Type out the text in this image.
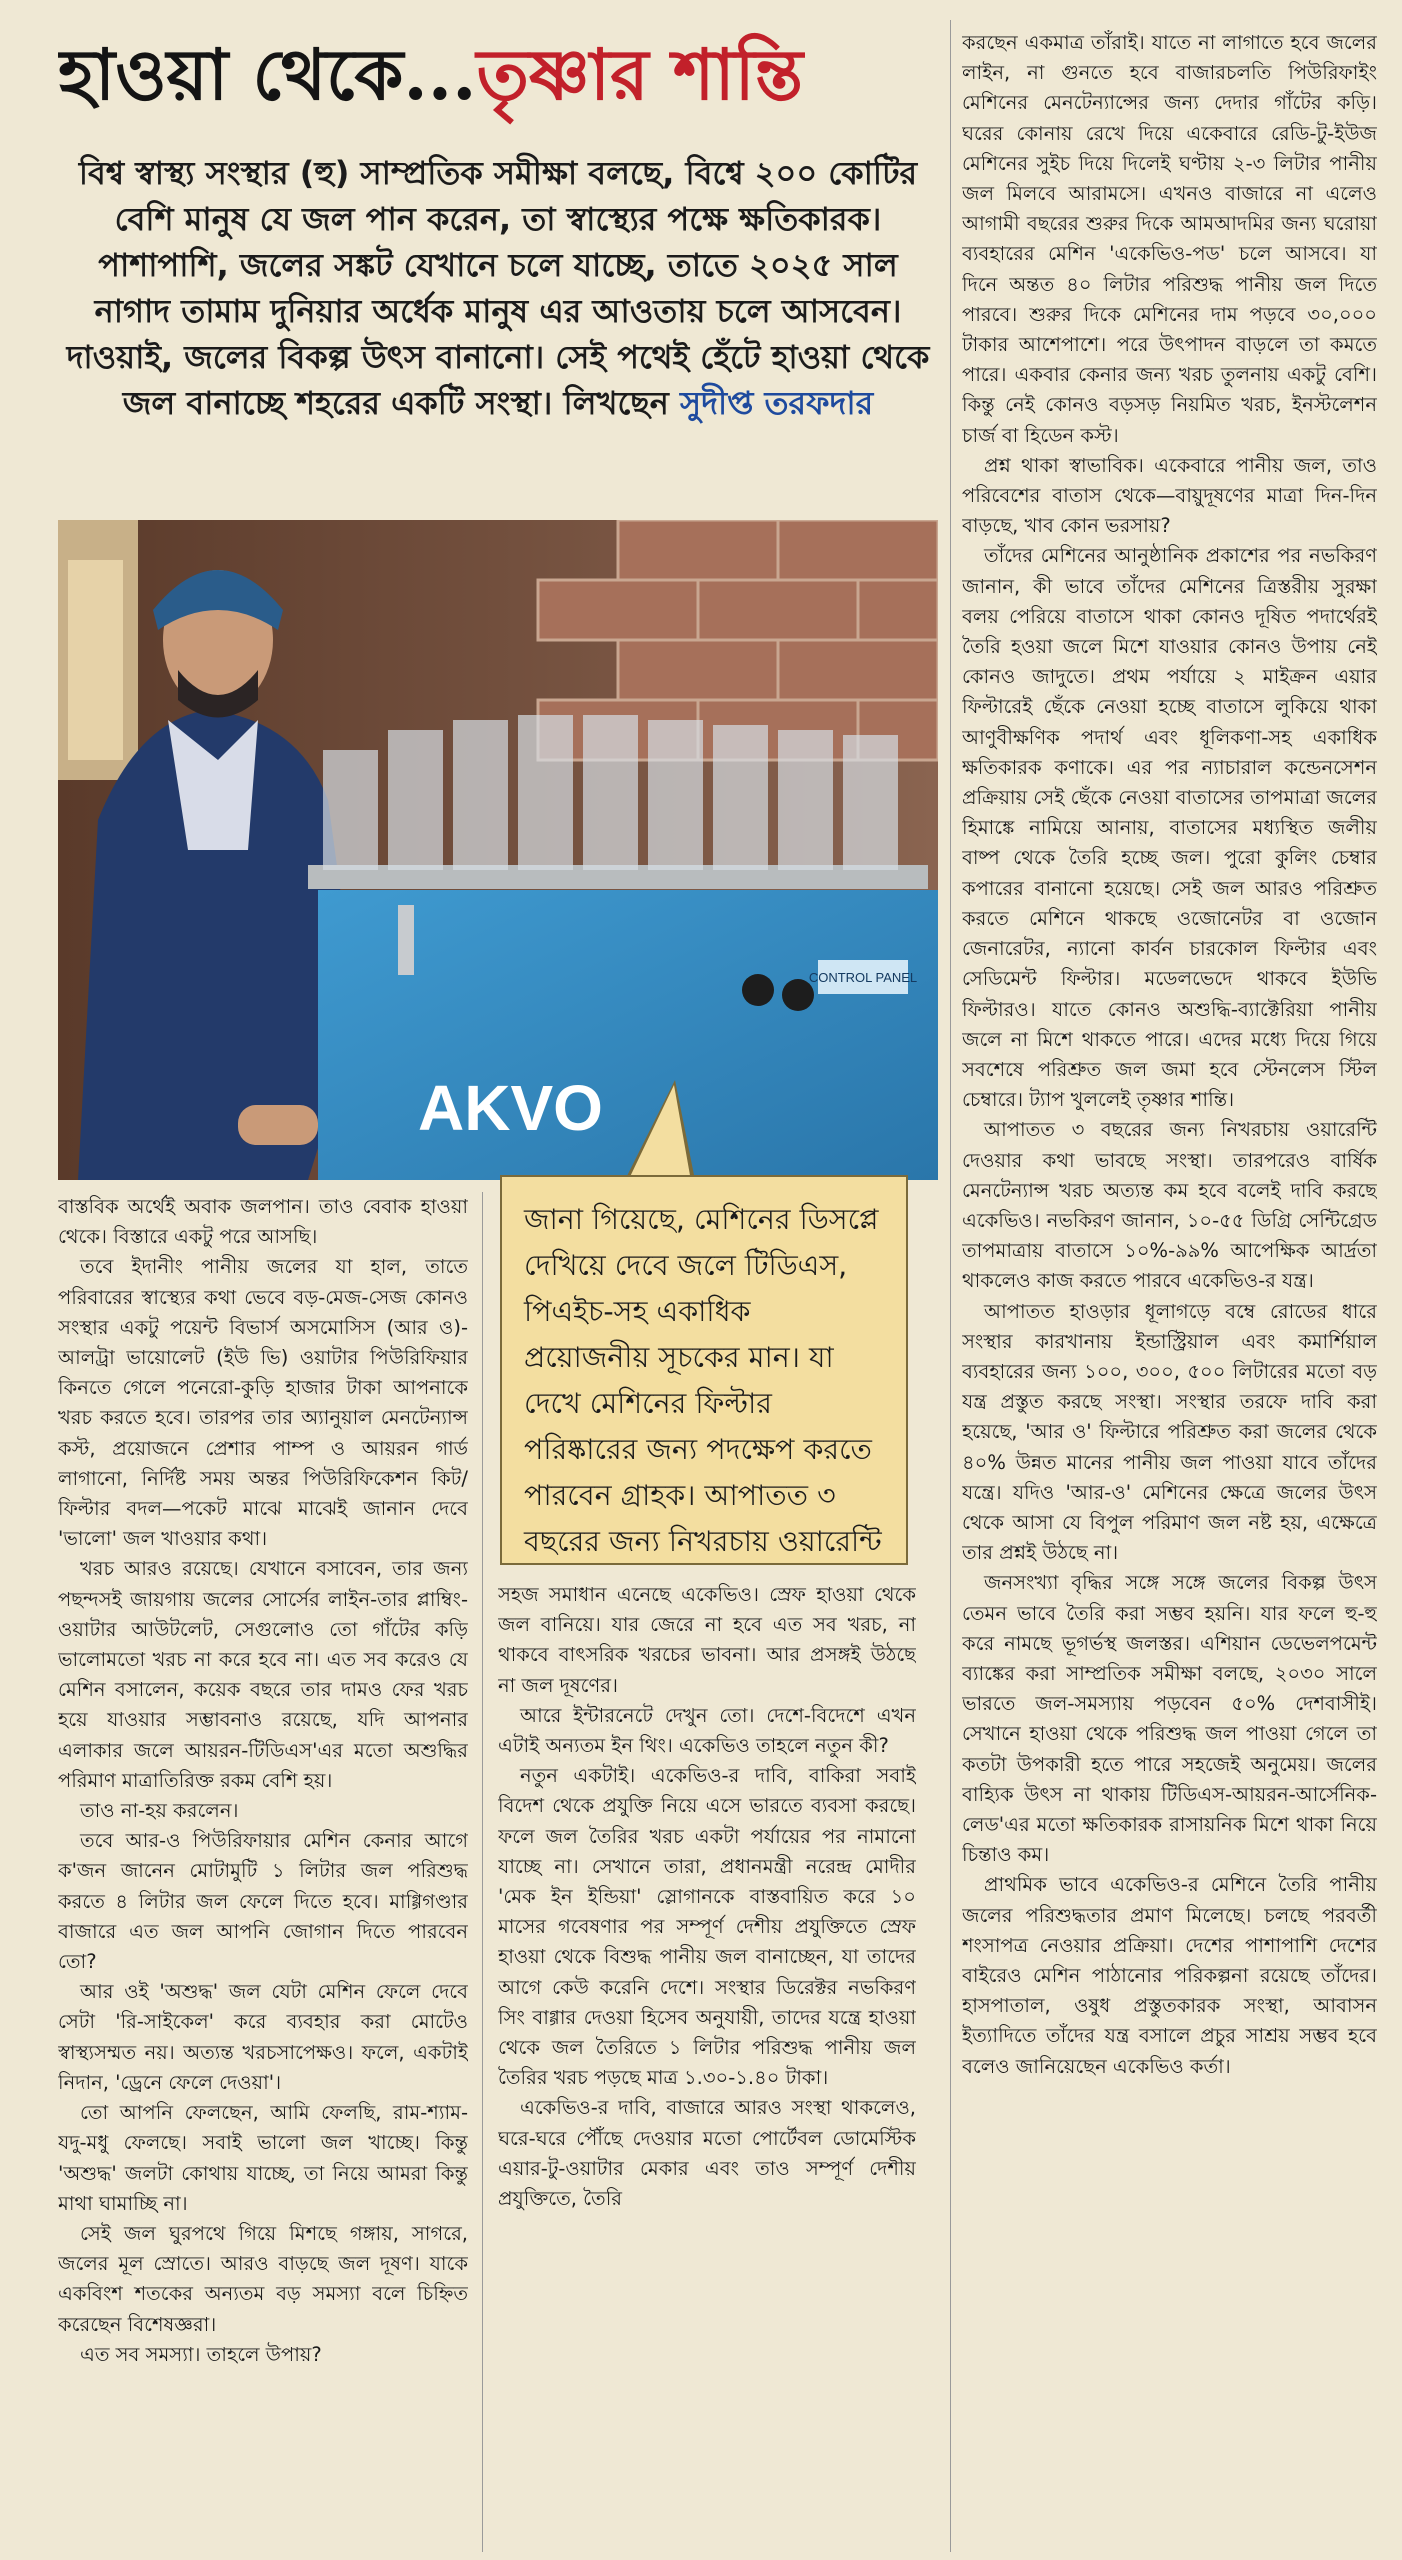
হাওয়া থেকে...তৃষ্ণার শান্তি
বিশ্ব স্বাস্থ্য সংস্থার (হু) সাম্প্রতিক সমীক্ষা বলছে, বিশ্বে ২০০ কোটির বেশি মানুষ যে জল পান করেন, তা স্বাস্থ্যের পক্ষে ক্ষতিকারক। পাশাপাশি, জলের সঙ্কট যেখানে চলে যাচ্ছে, তাতে ২০২৫ সাল নাগাদ তামাম দুনিয়ার অর্ধেক মানুষ এর আওতায় চলে আসবেন। দাওয়াই, জলের বিকল্প উৎস বানানো। সেই পথেই হেঁটে হাওয়া থেকে জল বানাচ্ছে শহরের একটি সংস্থা। লিখছেন সুদীপ্ত তরফদার
CONTROL PANEL
AKVO

বাস্তবিক অর্থেই অবাক জলপান। তাও বেবাক হাওয়া থেকে। বিস্তারে একটু পরে আসছি।

তবে ইদানীং পানীয় জলের যা হাল, তাতে পরিবারের স্বাস্থ্যের কথা ভেবে বড়-মেজ-সেজ কোনও সংস্থার একটু পয়েন্ট বিভার্স অসমোসিস (আর ও)-আলট্রা ভায়োলেট (ইউ ভি) ওয়াটার পিউরিফিয়ার কিনতে গেলে পনেরো-কুড়ি হাজার টাকা আপনাকে খরচ করতে হবে। তারপর তার অ্যানুয়াল মেনটেন্যান্স কস্ট, প্রয়োজনে প্রেশার পাম্প ও আয়রন গার্ড লাগানো, নির্দিষ্ট সময় অন্তর পিউরিফিকেশন কিট/ফিল্টার বদল—পকেট মাঝে মাঝেই জানান দেবে 'ভালো' জল খাওয়ার কথা।

খরচ আরও রয়েছে। যেখানে বসাবেন, তার জন্য পছন্দসই জায়গায় জলের সোর্সের লাইন-তার প্লাম্বিং-ওয়াটার আউটলেট, সেগুলোও তো গাঁটের কড়ি ভালোমতো খরচ না করে হবে না। এত সব করেও যে মেশিন বসালেন, কয়েক বছরে তার দামও ফের খরচ হয়ে যাওয়ার সম্ভাবনাও রয়েছে, যদি আপনার এলাকার জলে আয়রন-টিডিএস'এর মতো অশুদ্ধির পরিমাণ মাত্রাতিরিক্ত রকম বেশি হয়।

তাও না-হয় করলেন।

তবে আর-ও পিউরিফায়ার মেশিন কেনার আগে ক'জন জানেন মোটামুটি ১ লিটার জল পরিশুদ্ধ করতে ৪ লিটার জল ফেলে দিতে হবে। মাগ্গিগণ্ডার বাজারে এত জল আপনি জোগান দিতে পারবেন তো?

আর ওই 'অশুদ্ধ' জল যেটা মেশিন ফেলে দেবে সেটা 'রি-সাইকেল' করে ব্যবহার করা মোটেও স্বাস্থ্যসম্মত নয়। অত্যন্ত খরচসাপেক্ষও। ফলে, একটাই নিদান, 'ড্রেনে ফেলে দেওয়া'।

তো আপনি ফেলছেন, আমি ফেলছি, রাম-শ্যাম-যদু-মধু ফেলছে। সবাই ভালো জল খাচ্ছে। কিন্তু 'অশুদ্ধ' জলটা কোথায় যাচ্ছে, তা নিয়ে আমরা কিন্তু মাথা ঘামাচ্ছি না।

সেই জল ঘুরপথে গিয়ে মিশছে গঙ্গায়, সাগরে, জলের মূল স্রোতে। আরও বাড়ছে জল দূষণ। যাকে একবিংশ শতকের অন্যতম বড় সমস্যা বলে চিহ্নিত করেছেন বিশেষজ্ঞরা।

এত সব সমস্যা। তাহলে উপায়?

জানা গিয়েছে, মেশিনের ডিসপ্লে দেখিয়ে দেবে জলে টিডিএস, পিএইচ-সহ একাধিক প্রয়োজনীয় সূচকের মান। যা দেখে মেশিনের ফিল্টার পরিষ্কারের জন্য পদক্ষেপ করতে পারবেন গ্রাহক। আপাতত ৩ বছরের জন্য নিখরচায় ওয়ারেন্টি

সহজ সমাধান এনেছে একেভিও। স্রেফ হাওয়া থেকে জল বানিয়ে। যার জেরে না হবে এত সব খরচ, না থাকবে বাৎসরিক খরচের ভাবনা। আর প্রসঙ্গই উঠছে না জল দূষণের।

আরে ইন্টারনেটে দেখুন তো। দেশে-বিদেশে এখন এটাই অন্যতম ইন থিং। একেভিও তাহলে নতুন কী?

নতুন একটাই। একেভিও-র দাবি, বাকিরা সবাই বিদেশ থেকে প্রযুক্তি নিয়ে এসে ভারতে ব্যবসা করছে। ফলে জল তৈরির খরচ একটা পর্যায়ের পর নামানো যাচ্ছে না। সেখানে তারা, প্রধানমন্ত্রী নরেন্দ্র মোদীর 'মেক ইন ইন্ডিয়া' স্লোগানকে বাস্তবায়িত করে ১০ মাসের গবেষণার পর সম্পূর্ণ দেশীয় প্রযুক্তিতে স্রেফ হাওয়া থেকে বিশুদ্ধ পানীয় জল বানাচ্ছেন, যা তাদের আগে কেউ করেনি দেশে। সংস্থার ডিরেক্টর নভকিরণ সিং বাগ্গার দেওয়া হিসেব অনুযায়ী, তাদের যন্ত্রে হাওয়া থেকে জল তৈরিতে ১ লিটার পরিশুদ্ধ পানীয় জল তৈরির খরচ পড়ছে মাত্র ১.৩০-১.৪০ টাকা।

একেভিও-র দাবি, বাজারে আরও সংস্থা থাকলেও, ঘরে-ঘরে পৌঁছে দেওয়ার মতো পোর্টেবল ডোমেস্টিক এয়ার-টু-ওয়াটার মেকার এবং তাও সম্পূর্ণ দেশীয় প্রযুক্তিতে, তৈরি

করছেন একমাত্র তাঁরাই। যাতে না লাগাতে হবে জলের লাইন, না গুনতে হবে বাজারচলতি পিউরিফাইং মেশিনের মেনটেন্যান্সের জন্য দেদার গাঁটের কড়ি। ঘরের কোনায় রেখে দিয়ে একেবারে রেডি-টু-ইউজ মেশিনের সুইচ দিয়ে দিলেই ঘণ্টায় ২-৩ লিটার পানীয় জল মিলবে আরামসে। এখনও বাজারে না এলেও আগামী বছরের শুরুর দিকে আমআদমির জন্য ঘরোয়া ব্যবহারের মেশিন 'একেভিও-পড' চলে আসবে। যা দিনে অন্তত ৪০ লিটার পরিশুদ্ধ পানীয় জল দিতে পারবে। শুরুর দিকে মেশিনের দাম পড়বে ৩০,০০০ টাকার আশেপাশে। পরে উৎপাদন বাড়লে তা কমতে পারে। একবার কেনার জন্য খরচ তুলনায় একটু বেশি। কিন্তু নেই কোনও বড়সড় নিয়মিত খরচ, ইনস্টলেশন চার্জ বা হিডেন কস্ট।

প্রশ্ন থাকা স্বাভাবিক। একেবারে পানীয় জল, তাও পরিবেশের বাতাস থেকে—বায়ুদূষণের মাত্রা দিন-দিন বাড়ছে, খাব কোন ভরসায়?

তাঁদের মেশিনের আনুষ্ঠানিক প্রকাশের পর নভকিরণ জানান, কী ভাবে তাঁদের মেশিনের ত্রিস্তরীয় সুরক্ষা বলয় পেরিয়ে বাতাসে থাকা কোনও দূষিত পদার্থেরই তৈরি হওয়া জলে মিশে যাওয়ার কোনও উপায় নেই কোনও জাদুতে। প্রথম পর্যায়ে ২ মাইক্রন এয়ার ফিল্টারেই ছেঁকে নেওয়া হচ্ছে বাতাসে লুকিয়ে থাকা আণুবীক্ষণিক পদার্থ এবং ধূলিকণা-সহ একাধিক ক্ষতিকারক কণাকে। এর পর ন্যাচারাল কন্ডেনসেশন প্রক্রিয়ায় সেই ছেঁকে নেওয়া বাতাসের তাপমাত্রা জলের হিমাঙ্কে নামিয়ে আনায়, বাতাসের মধ্যস্থিত জলীয় বাষ্প থেকে তৈরি হচ্ছে জল। পুরো কুলিং চেম্বার কপারের বানানো হয়েছে। সেই জল আরও পরিশ্রুত করতে মেশিনে থাকছে ওজোনেটর বা ওজোন জেনারেটর, ন্যানো কার্বন চারকোল ফিল্টার এবং সেডিমেন্ট ফিল্টার। মডেলভেদে থাকবে ইউভি ফিল্টারও। যাতে কোনও অশুদ্ধি-ব্যাক্টেরিয়া পানীয় জলে না মিশে থাকতে পারে। এদের মধ্যে দিয়ে গিয়ে সবশেষে পরিশ্রুত জল জমা হবে স্টেনলেস স্টিল চেম্বারে। ট্যাপ খুললেই তৃষ্ণার শান্তি।

আপাতত ৩ বছরের জন্য নিখরচায় ওয়ারেন্টি দেওয়ার কথা ভাবছে সংস্থা। তারপরেও বার্ষিক মেনটেন্যান্স খরচ অত্যন্ত কম হবে বলেই দাবি করছে একেভিও। নভকিরণ জানান, ১০-৫৫ ডিগ্রি সেন্টিগ্রেড তাপমাত্রায় বাতাসে ১০%-৯৯% আপেক্ষিক আর্দ্রতা থাকলেও কাজ করতে পারবে একেভিও-র যন্ত্র।

আপাতত হাওড়ার ধূলাগড়ে বম্বে রোডের ধারে সংস্থার কারখানায় ইন্ডাস্ট্রিয়াল এবং কমার্শিয়াল ব্যবহারের জন্য ১০০, ৩০০, ৫০০ লিটারের মতো বড় যন্ত্র প্রস্তুত করছে সংস্থা। সংস্থার তরফে দাবি করা হয়েছে, 'আর ও' ফিল্টারে পরিশ্রুত করা জলের থেকে ৪০% উন্নত মানের পানীয় জল পাওয়া যাবে তাঁদের যন্ত্রে। যদিও 'আর-ও' মেশিনের ক্ষেত্রে জলের উৎস থেকে আসা যে বিপুল পরিমাণ জল নষ্ট হয়, এক্ষেত্রে তার প্রশ্নই উঠছে না।

জনসংখ্যা বৃদ্ধির সঙ্গে সঙ্গে জলের বিকল্প উৎস তেমন ভাবে তৈরি করা সম্ভব হয়নি। যার ফলে হু-হু করে নামছে ভূগর্ভস্থ জলস্তর। এশিয়ান ডেভেলপমেন্ট ব্যাঙ্কের করা সাম্প্রতিক সমীক্ষা বলছে, ২০৩০ সালে ভারতে জল-সমস্যায় পড়বেন ৫০% দেশবাসীই। সেখানে হাওয়া থেকে পরিশুদ্ধ জল পাওয়া গেলে তা কতটা উপকারী হতে পারে সহজেই অনুমেয়। জলের বাহ্যিক উৎস না থাকায় টিডিএস-আয়রন-আর্সেনিক-লেড'এর মতো ক্ষতিকারক রাসায়নিক মিশে থাকা নিয়ে চিন্তাও কম।

প্রাথমিক ভাবে একেভিও-র মেশিনে তৈরি পানীয় জলের পরিশুদ্ধতার প্রমাণ মিলেছে। চলছে পরবর্তী শংসাপত্র নেওয়ার প্রক্রিয়া। দেশের পাশাপাশি দেশের বাইরেও মেশিন পাঠানোর পরিকল্পনা রয়েছে তাঁদের। হাসপাতাল, ওষুধ প্রস্তুতকারক সংস্থা, আবাসন ইত্যাদিতে তাঁদের যন্ত্র বসালে প্রচুর সাশ্রয় সম্ভব হবে বলেও জানিয়েছেন একেভিও কর্তা।
